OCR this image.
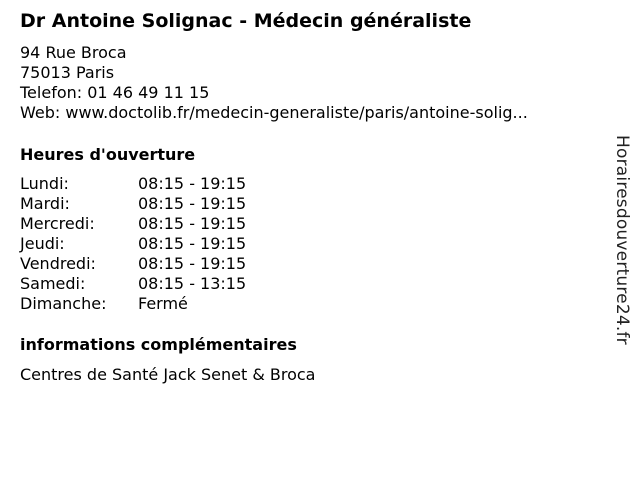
Dr Antoine Solignac - Médecin généraliste
94 Rue Broca
75013 Paris
Telefon: 01 46 49 11 15
Web: www.doctolib.fr/medecin-generaliste/paris/antoine-solig...
Heures d'ouverture
Lundi:	08:15 - 19:15
Mardi:	08:15 - 19:15
Mercredi:	08:15 - 19:15
Jeudi:	08:15 - 19:15
Vendredi:	08:15 - 19:15
Samedi:	08:15 - 13:15
Dimanche:	Fermé
informations complémentaires
Centres de Santé Jack Senet & Broca
Horairesdouverture24.fr
